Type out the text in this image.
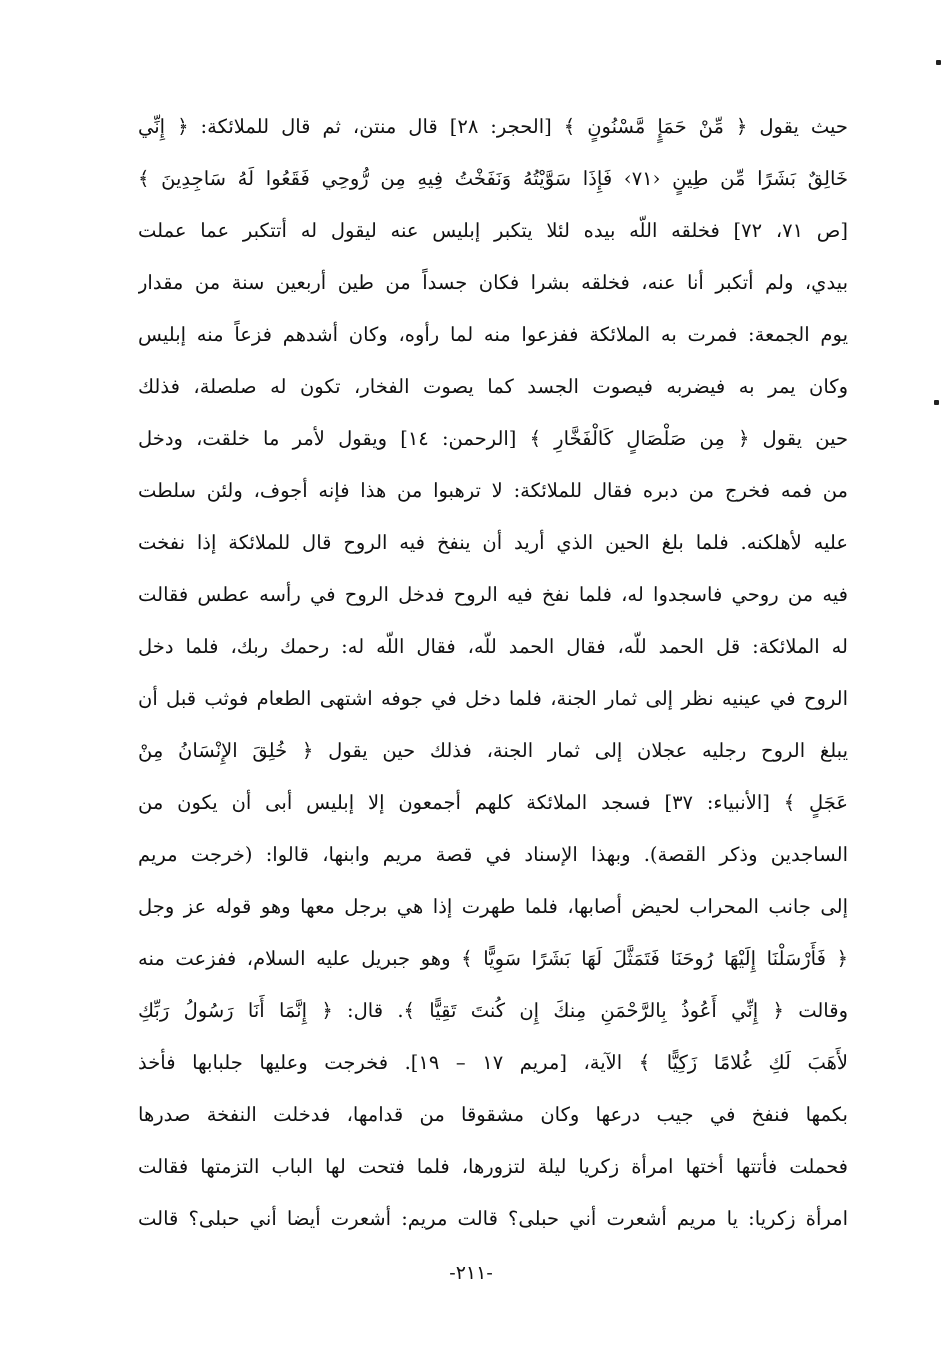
حيث يقول ﴿ مِّنْ حَمَإٍ مَّسْنُونٍ ﴾ [الحجر: ٢٨] قال منتن، ثم قال للملائكة: ﴿ إِنِّي
خَالِقٌ بَشَرًا مِّن طِينٍ ‹٧١› فَإِذَا سَوَّيْتُهُ وَنَفَخْتُ فِيهِ مِن رُّوحِي فَقَعُوا لَهُ سَاجِدِينَ ﴾
[ص ٧١، ٧٢] فخلقه اللّه بيده لئلا يتكبر إبليس عنه ليقول له أتتكبر عما عملت
بيدي، ولم أتكبر أنا عنه، فخلقه بشرا فكان جسداً من طين أربعين سنة من مقدار
يوم الجمعة: فمرت به الملائكة ففزعوا منه لما رأوه، وكان أشدهم فزعاً منه إبليس
وكان يمر به فيضربه فيصوت الجسد كما يصوت الفخار، تكون له صلصلة، فذلك
حين يقول ﴿ مِن صَلْصَالٍ كَالْفَخَّارِ ﴾ [الرحمن: ١٤] ويقول لأمر ما خلقت، ودخل
من فمه فخرج من دبره فقال للملائكة: لا ترهبوا من هذا فإنه أجوف، ولئن سلطت
عليه لأهلكنه. فلما بلغ الحين الذي أريد أن ينفخ فيه الروح قال للملائكة إذا نفخت
فيه من روحي فاسجدوا له، فلما نفخ فيه الروح فدخل الروح في رأسه عطس فقالت
له الملائكة: قل الحمد للّه، فقال الحمد للّه، فقال اللّه له: رحمك ربك، فلما دخل
الروح في عينيه نظر إلى ثمار الجنة، فلما دخل في جوفه اشتهى الطعام فوثب قبل أن
يبلغ الروح رجليه عجلان إلى ثمار الجنة، فذلك حين يقول ﴿ خُلِقَ الإِنْسَانُ مِنْ
عَجَلٍ ﴾ [الأنبياء: ٣٧] فسجد الملائكة كلهم أجمعون إلا إبليس أبى أن يكون من
الساجدين وذكر القصة). وبهذا الإسناد في قصة مريم وابنها، قالوا: (خرجت مريم
إلى جانب المحراب لحيض أصابها، فلما طهرت إذا هي برجل معها وهو قوله عز وجل
﴿ فَأَرْسَلْنَا إِلَيْهَا رُوحَنَا فَتَمَثَّلَ لَهَا بَشَرًا سَوِيًّا ﴾ وهو جبريل عليه السلام، ففزعت منه
وقالت ﴿ إِنِّي أَعُوذُ بِالرَّحْمَنِ مِنكَ إِن كُنتَ تَقِيًّا ﴾. قال: ﴿ إِنَّمَا أَنَا رَسُولُ رَبِّكِ
لأَهَبَ لَكِ غُلامًا زَكِيًّا ﴾ الآية، [مريم ١٧ – ١٩]. فخرجت وعليها جلبابها فأخذ
بكمها فنفخ في جيب درعها وكان مشقوقا من قدامها، فدخلت النفخة صدرها
فحملت فأتتها أختها امرأة زكريا ليلة لتزورها، فلما فتحت لها الباب التزمتها فقالت
امرأة زكريا: يا مريم أشعرت أني حبلى؟ قالت مريم: أشعرت أيضا أني حبلى؟ قالت
-٢١١-
